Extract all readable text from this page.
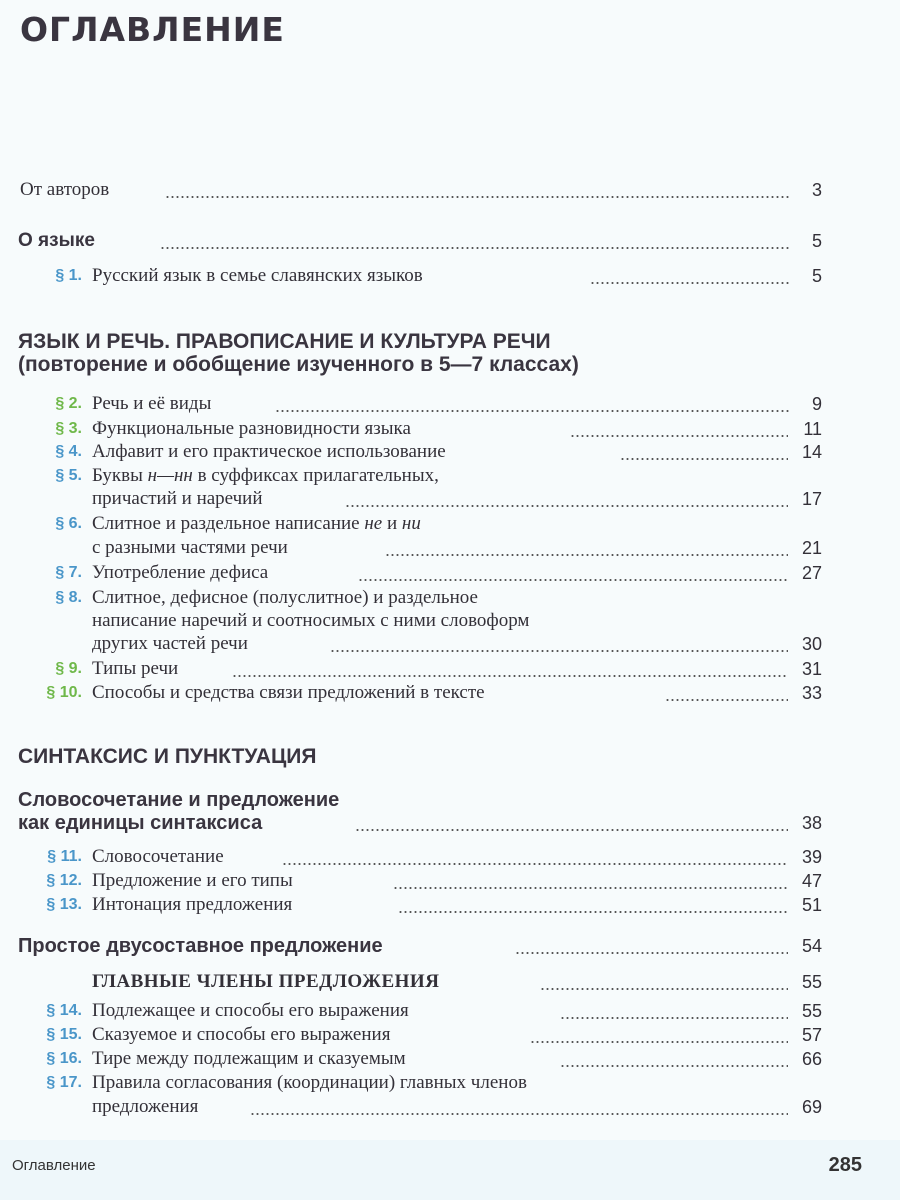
ОГЛАВЛЕНИЕ
От авторов	3
О языке	5
§ 1. Русский язык в семье славянских языков	5
ЯЗЫК И РЕЧЬ. ПРАВОПИСАНИЕ И КУЛЬТУРА РЕЧИ
(повторение и обобщение изученного в 5—7 классах)
§ 2. Речь и её виды	9
§ 3. Функциональные разновидности языка	11
§ 4. Алфавит и его практическое использование	14
§ 5. Буквы н—нн в суффиксах прилагательных,
причастий и наречий	17
§ 6. Слитное и раздельное написание не и ни
с разными частями речи	21
§ 7. Употребление дефиса	27
§ 8. Слитное, дефисное (полуслитное) и раздельное
написание наречий и соотносимых с ними словоформ
других частей речи	30
§ 9. Типы речи	31
§ 10. Способы и средства связи предложений в тексте	33
СИНТАКСИС И ПУНКТУАЦИЯ
Словосочетание и предложение
как единицы синтаксиса	38
§ 11. Словосочетание	39
§ 12. Предложение и его типы	47
§ 13. Интонация предложения	51
Простое двусоставное предложение	54
ГЛАВНЫЕ ЧЛЕНЫ ПРЕДЛОЖЕНИЯ	55
§ 14. Подлежащее и способы его выражения	55
§ 15. Сказуемое и способы его выражения	57
§ 16. Тире между подлежащим и сказуемым	66
§ 17. Правила согласования (координации) главных членов
предложения	69
Оглавление	285
